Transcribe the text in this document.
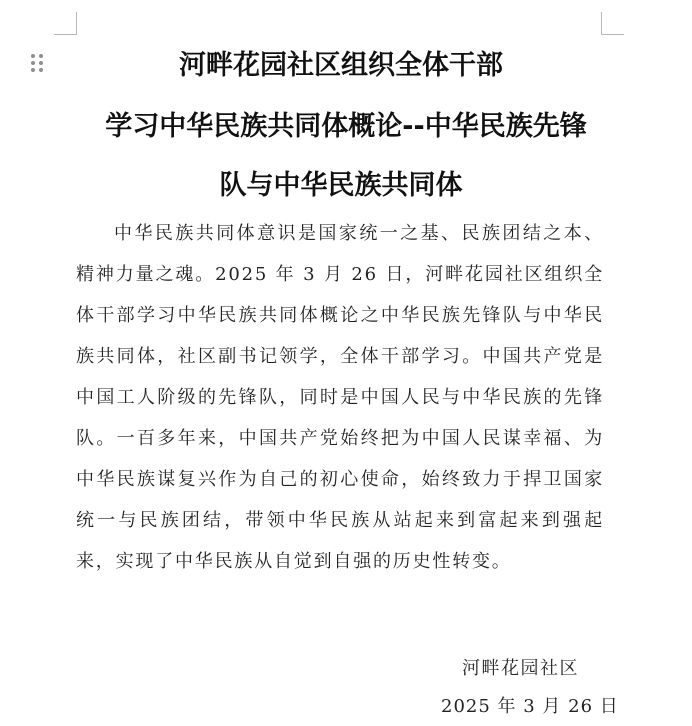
河畔花园社区组织全体干部
学习中华民族共同体概论--中华民族先锋
队与中华民族共同体
中华民族共同体意识是国家统一之基、民族团结之本、精神力量之魂。2025 年 3 月 26 日，河畔花园社区组织全体干部学习中华民族共同体概论之中华民族先锋队与中华民族共同体，社区副书记领学，全体干部学习。中国共产党是中国工人阶级的先锋队，同时是中国人民与中华民族的先锋队。一百多年来，中国共产党始终把为中国人民谋幸福、为中华民族谋复兴作为自己的初心使命，始终致力于捍卫国家统一与民族团结，带领中华民族从站起来到富起来到强起来，实现了中华民族从自觉到自强的历史性转变。
河畔花园社区
2025 年 3 月 26 日
